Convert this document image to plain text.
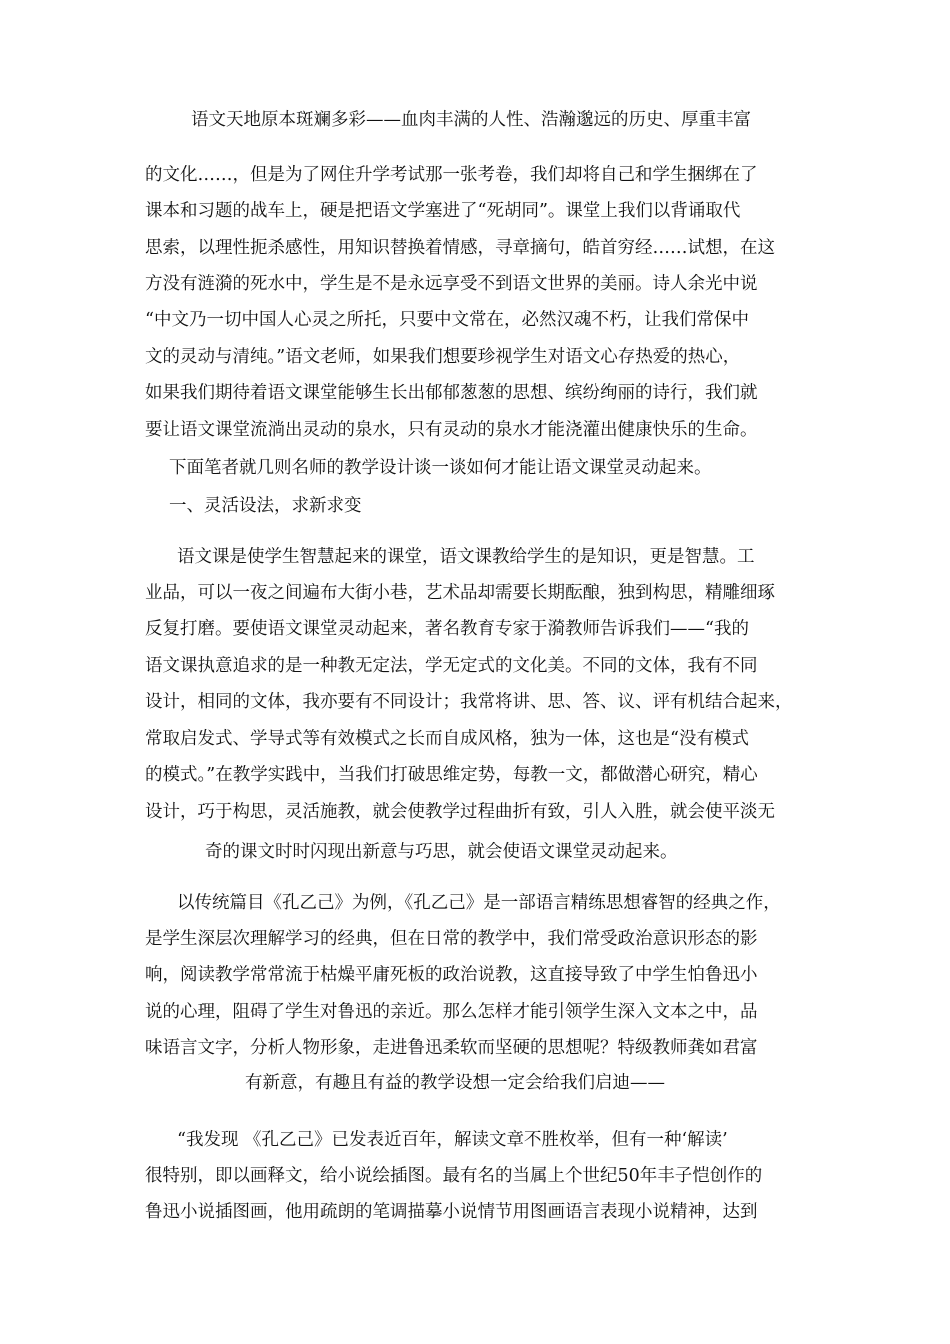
语文天地原本斑斓多彩——血肉丰满的人性、浩瀚邈远的历史、厚重丰富
的文化……，但是为了网住升学考试那一张考卷，我们却将自己和学生捆绑在了
课本和习题的战车上，硬是把语文学塞进了“死胡同”。课堂上我们以背诵取代
思索，以理性扼杀感性，用知识替换着情感，寻章摘句，皓首穷经……试想，在这
方没有涟漪的死水中，学生是不是永远享受不到语文世界的美丽。诗人余光中说
“中文乃一切中国人心灵之所托，只要中文常在，必然汉魂不朽，让我们常保中
文的灵动与清纯。”语文老师，如果我们想要珍视学生对语文心存热爱的热心，
如果我们期待着语文课堂能够生长出郁郁葱葱的思想、缤纷绚丽的诗行，我们就
要让语文课堂流淌出灵动的泉水，只有灵动的泉水才能浇灌出健康快乐的生命。
下面笔者就几则名师的教学设计谈一谈如何才能让语文课堂灵动起来。
一、灵活设法，求新求变
语文课是使学生智慧起来的课堂，语文课教给学生的是知识，更是智慧。工
业品，可以一夜之间遍布大街小巷，艺术品却需要长期酝酿，独到构思，精雕细琢
反复打磨。要使语文课堂灵动起来，著名教育专家于漪教师告诉我们——“我的
语文课执意追求的是一种教无定法，学无定式的文化美。不同的文体，我有不同
设计，相同的文体，我亦要有不同设计；我常将讲、思、答、议、评有机结合起来，
常取启发式、学导式等有效模式之长而自成风格，独为一体，这也是“没有模式
的模式。”在教学实践中，当我们打破思维定势，每教一文，都做潜心研究，精心
设计，巧于构思，灵活施教，就会使教学过程曲折有致，引人入胜，就会使平淡无
奇的课文时时闪现出新意与巧思，就会使语文课堂灵动起来。
以传统篇目《孔乙己》为例，《孔乙己》是一部语言精练思想睿智的经典之作，
是学生深层次理解学习的经典，但在日常的教学中，我们常受政治意识形态的影
响，阅读教学常常流于枯燥平庸死板的政治说教，这直接导致了中学生怕鲁迅小
说的心理，阻碍了学生对鲁迅的亲近。那么怎样才能引领学生深入文本之中，品
味语言文字，分析人物形象，走进鲁迅柔软而坚硬的思想呢？特级教师龚如君富
有新意，有趣且有益的教学设想一定会给我们启迪——
“我发现 《孔乙己》已发表近百年，解读文章不胜枚举，但有一种‘解读’
很特别，即以画释文，给小说绘插图。最有名的当属上个世纪50年丰子恺创作的
鲁迅小说插图画，他用疏朗的笔调描摹小说情节用图画语言表现小说精神，达到
